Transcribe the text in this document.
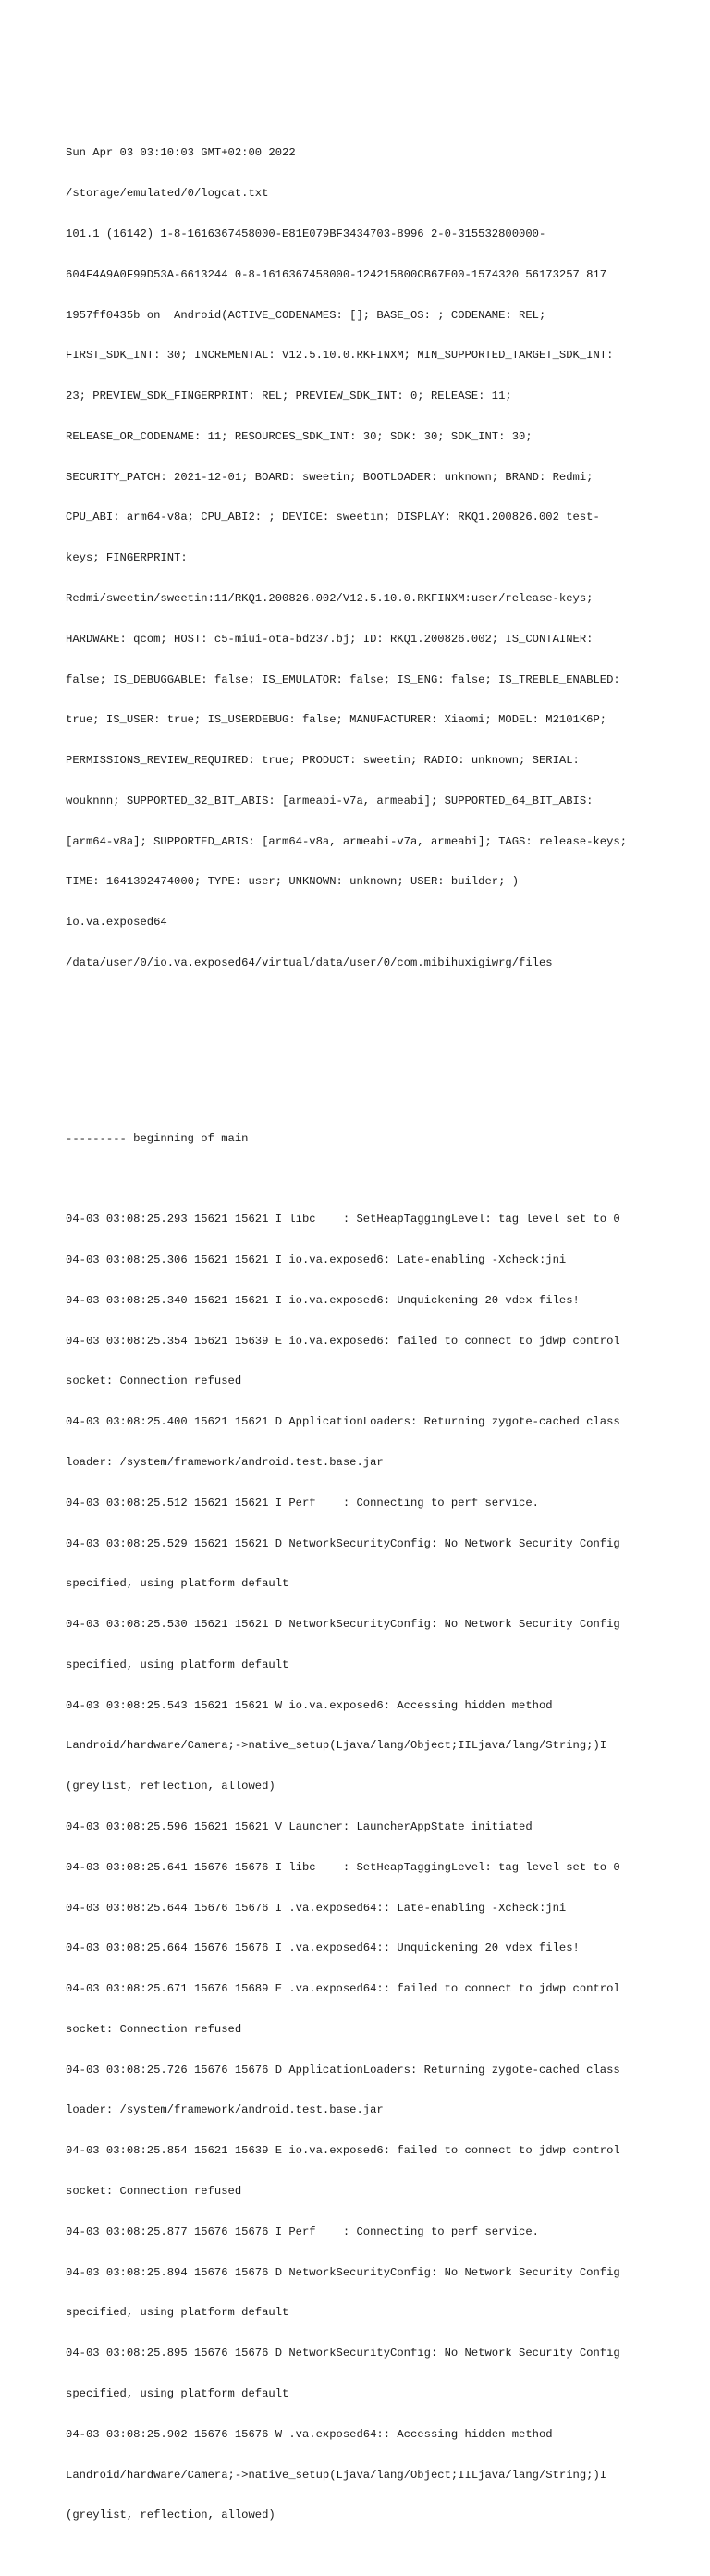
Sun Apr 03 03:10:03 GMT+02:00 2022

/storage/emulated/0/logcat.txt

101.1 (16142) 1-8-1616367458000-E81E079BF3434703-8996 2-0-315532800000-

604F4A9A0F99D53A-6613244 0-8-1616367458000-124215800CB67E00-1574320 56173257 817

1957ff0435b on  Android(ACTIVE_CODENAMES: []; BASE_OS: ; CODENAME: REL;

FIRST_SDK_INT: 30; INCREMENTAL: V12.5.10.0.RKFINXM; MIN_SUPPORTED_TARGET_SDK_INT:

23; PREVIEW_SDK_FINGERPRINT: REL; PREVIEW_SDK_INT: 0; RELEASE: 11;

RELEASE_OR_CODENAME: 11; RESOURCES_SDK_INT: 30; SDK: 30; SDK_INT: 30;

SECURITY_PATCH: 2021-12-01; BOARD: sweetin; BOOTLOADER: unknown; BRAND: Redmi;

CPU_ABI: arm64-v8a; CPU_ABI2: ; DEVICE: sweetin; DISPLAY: RKQ1.200826.002 test-

keys; FINGERPRINT:

Redmi/sweetin/sweetin:11/RKQ1.200826.002/V12.5.10.0.RKFINXM:user/release-keys;

HARDWARE: qcom; HOST: c5-miui-ota-bd237.bj; ID: RKQ1.200826.002; IS_CONTAINER:

false; IS_DEBUGGABLE: false; IS_EMULATOR: false; IS_ENG: false; IS_TREBLE_ENABLED:

true; IS_USER: true; IS_USERDEBUG: false; MANUFACTURER: Xiaomi; MODEL: M2101K6P;

PERMISSIONS_REVIEW_REQUIRED: true; PRODUCT: sweetin; RADIO: unknown; SERIAL:

wouknnn; SUPPORTED_32_BIT_ABIS: [armeabi-v7a, armeabi]; SUPPORTED_64_BIT_ABIS:

[arm64-v8a]; SUPPORTED_ABIS: [arm64-v8a, armeabi-v7a, armeabi]; TAGS: release-keys;

TIME: 1641392474000; TYPE: user; UNKNOWN: unknown; USER: builder; )

io.va.exposed64

/data/user/0/io.va.exposed64/virtual/data/user/0/com.mibihuxigiwrg/files

--------- beginning of main

04-03 03:08:25.293 15621 15621 I libc    : SetHeapTaggingLevel: tag level set to 0

04-03 03:08:25.306 15621 15621 I io.va.exposed6: Late-enabling -Xcheck:jni

04-03 03:08:25.340 15621 15621 I io.va.exposed6: Unquickening 20 vdex files!

04-03 03:08:25.354 15621 15639 E io.va.exposed6: failed to connect to jdwp control

socket: Connection refused

04-03 03:08:25.400 15621 15621 D ApplicationLoaders: Returning zygote-cached class

loader: /system/framework/android.test.base.jar

04-03 03:08:25.512 15621 15621 I Perf    : Connecting to perf service.

04-03 03:08:25.529 15621 15621 D NetworkSecurityConfig: No Network Security Config

specified, using platform default

04-03 03:08:25.530 15621 15621 D NetworkSecurityConfig: No Network Security Config

specified, using platform default

04-03 03:08:25.543 15621 15621 W io.va.exposed6: Accessing hidden method

Landroid/hardware/Camera;->native_setup(Ljava/lang/Object;IILjava/lang/String;)I

(greylist, reflection, allowed)

04-03 03:08:25.596 15621 15621 V Launcher: LauncherAppState initiated

04-03 03:08:25.641 15676 15676 I libc    : SetHeapTaggingLevel: tag level set to 0

04-03 03:08:25.644 15676 15676 I .va.exposed64:: Late-enabling -Xcheck:jni

04-03 03:08:25.664 15676 15676 I .va.exposed64:: Unquickening 20 vdex files!

04-03 03:08:25.671 15676 15689 E .va.exposed64:: failed to connect to jdwp control

socket: Connection refused

04-03 03:08:25.726 15676 15676 D ApplicationLoaders: Returning zygote-cached class

loader: /system/framework/android.test.base.jar

04-03 03:08:25.854 15621 15639 E io.va.exposed6: failed to connect to jdwp control

socket: Connection refused

04-03 03:08:25.877 15676 15676 I Perf    : Connecting to perf service.

04-03 03:08:25.894 15676 15676 D NetworkSecurityConfig: No Network Security Config

specified, using platform default

04-03 03:08:25.895 15676 15676 D NetworkSecurityConfig: No Network Security Config

specified, using platform default

04-03 03:08:25.902 15676 15676 W .va.exposed64:: Accessing hidden method

Landroid/hardware/Camera;->native_setup(Ljava/lang/Object;IILjava/lang/String;)I

(greylist, reflection, allowed)
